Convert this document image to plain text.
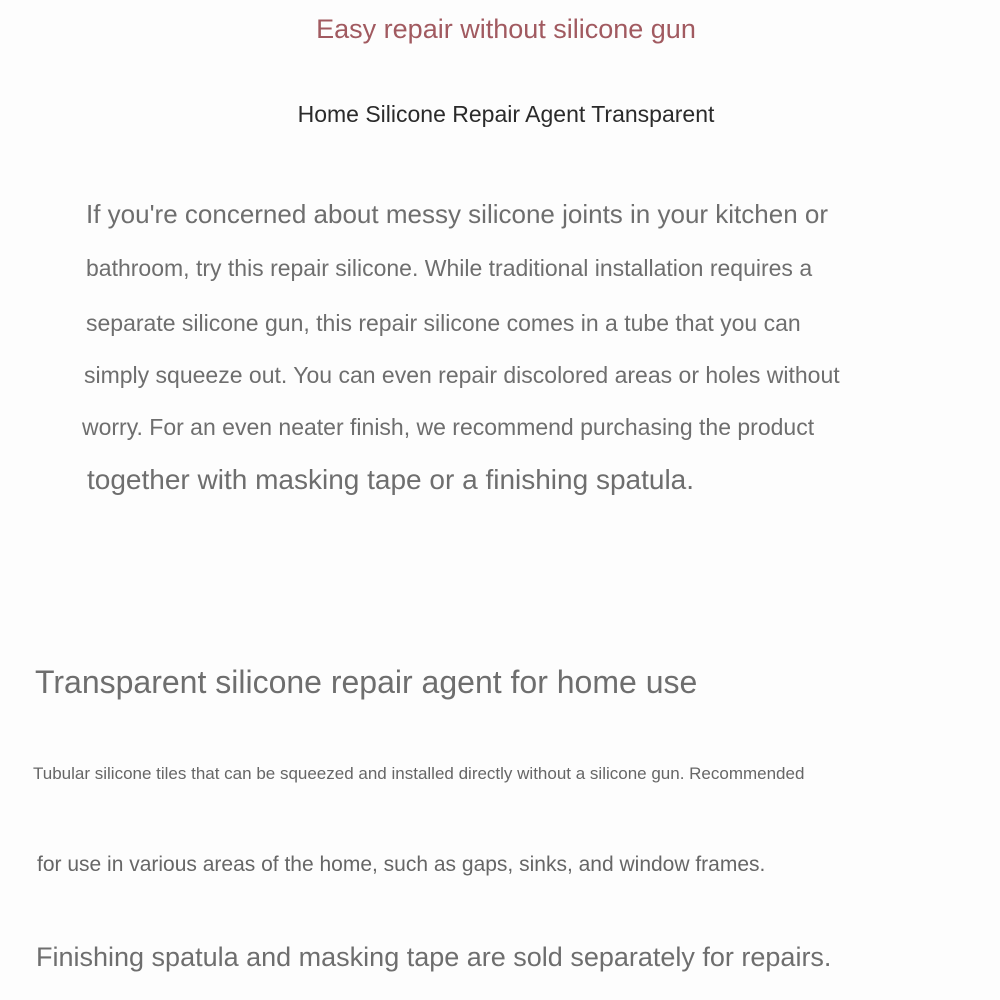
Easy repair without silicone gun
Home Silicone Repair Agent Transparent
If you're concerned about messy silicone joints in your kitchen or
bathroom, try this repair silicone. While traditional installation requires a
separate silicone gun, this repair silicone comes in a tube that you can
simply squeeze out. You can even repair discolored areas or holes without
worry. For an even neater finish, we recommend purchasing the product
together with masking tape or a finishing spatula.
Transparent silicone repair agent for home use
Tubular silicone tiles that can be squeezed and installed directly without a silicone gun. Recommended
for use in various areas of the home, such as gaps, sinks, and window frames.
Finishing spatula and masking tape are sold separately for repairs.
